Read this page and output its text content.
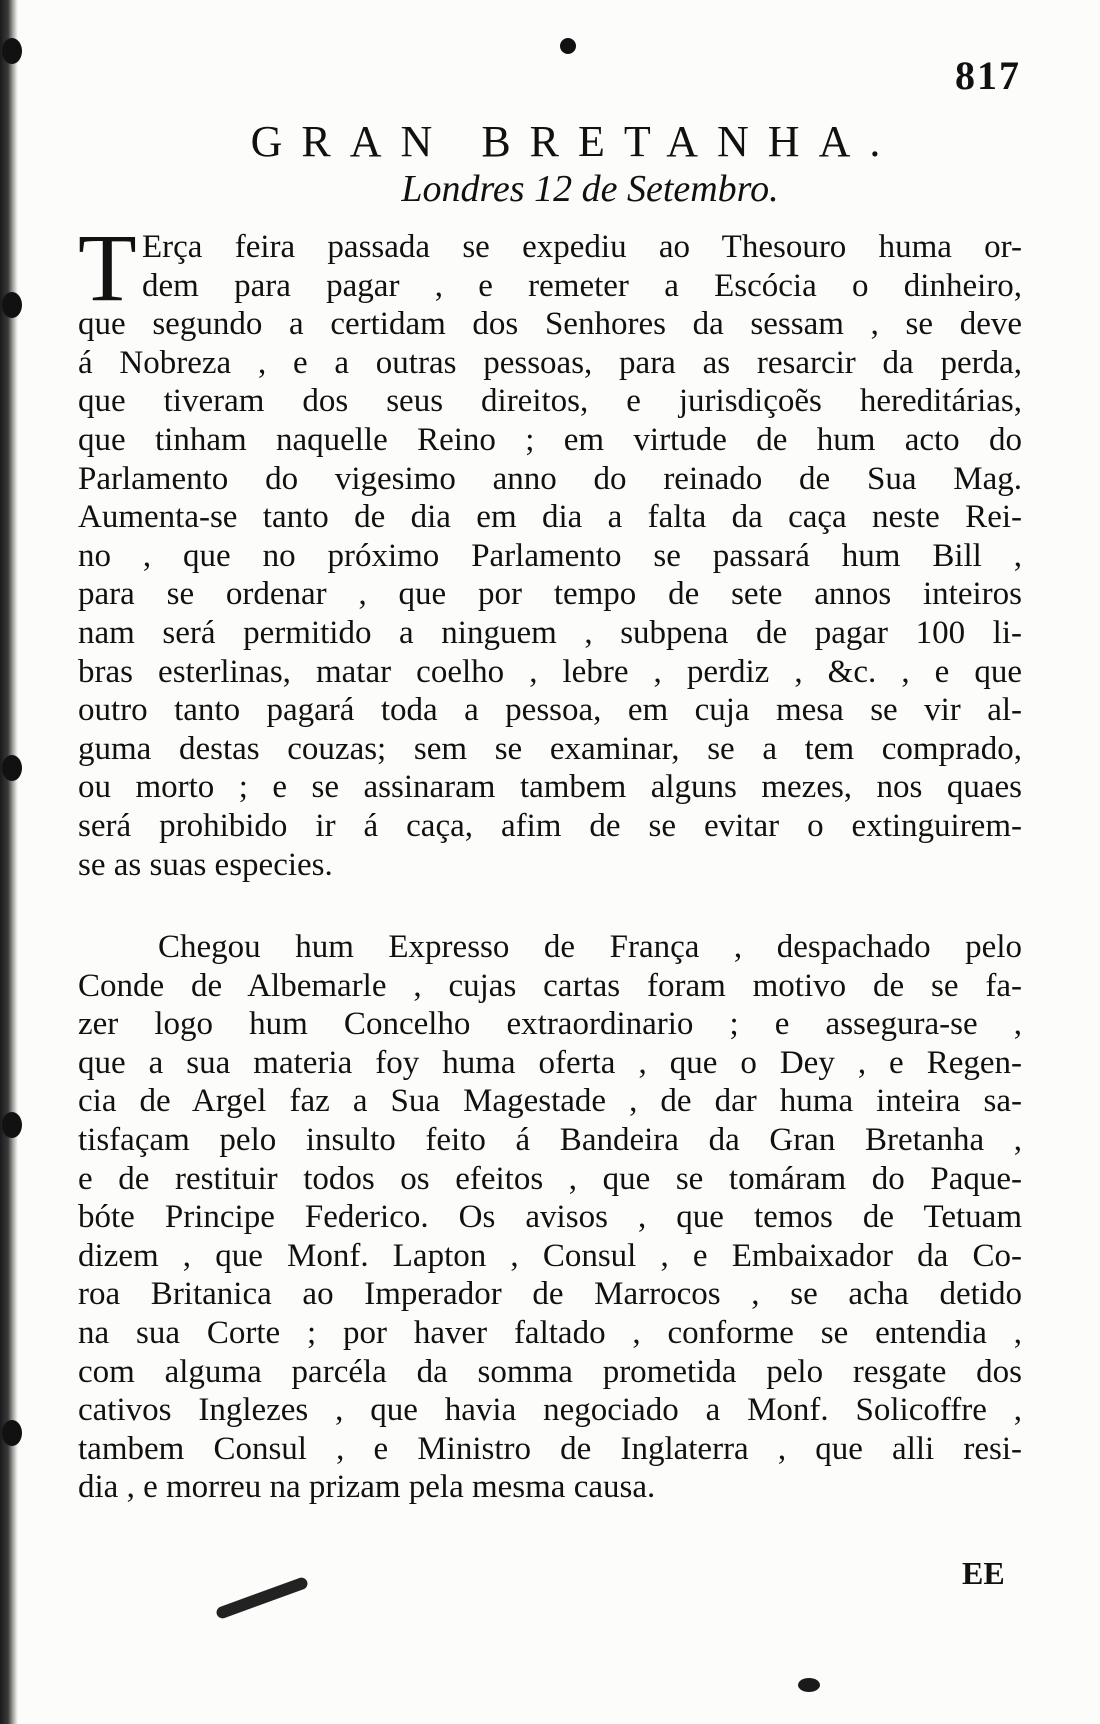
817
GRAN BRETANHA.
Londres 12 de Setembro.
T Erça feira passada se expediu ao Thesouro huma or-
dem para pagar , e remeter a Escócia o dinheiro,
que segundo a certidam dos Senhores da sessam , se deve
á Nobreza , e a outras pessoas, para as resarcir da perda,
que tiveram dos seus direitos, e jurisdiçoẽs hereditárias,
que tinham naquelle Reino ; em virtude de hum acto do
Parlamento do vigesimo anno do reinado de Sua Mag.
Aumenta-se tanto de dia em dia a falta da caça neste Rei-
no , que no próximo Parlamento se passará hum Bill ,
para se ordenar , que por tempo de sete annos inteiros
nam será permitido a ninguem , subpena de pagar 100 li-
bras esterlinas, matar coelho , lebre , perdiz , &c. , e que
outro tanto pagará toda a pessoa, em cuja mesa se vir al-
guma destas couzas; sem se examinar, se a tem comprado,
ou morto ; e se assinaram tambem alguns mezes, nos quaes
será prohibido ir á caça, afim de se evitar o extinguirem-
se as suas especies.
Chegou hum Expresso de França , despachado pelo
Conde de Albemarle , cujas cartas foram motivo de se fa-
zer logo hum Concelho extraordinario ; e assegura-se ,
que a sua materia foy huma oferta , que o Dey , e Regen-
cia de Argel faz a Sua Magestade , de dar huma inteira sa-
tisfaçam pelo insulto feito á Bandeira da Gran Bretanha ,
e de restituir todos os efeitos , que se tomáram do Paque-
bóte Principe Federico. Os avisos , que temos de Tetuam
dizem , que Monf. Lapton , Consul , e Embaixador da Co-
roa Britanica ao Imperador de Marrocos , se acha detido
na sua Corte ; por haver faltado , conforme se entendia ,
com alguma parcéla da somma prometida pelo resgate dos
cativos Inglezes , que havia negociado a Monf. Solicoffre ,
tambem Consul , e Ministro de Inglaterra , que alli resi-
dia , e morreu na prizam pela mesma causa.
EE
